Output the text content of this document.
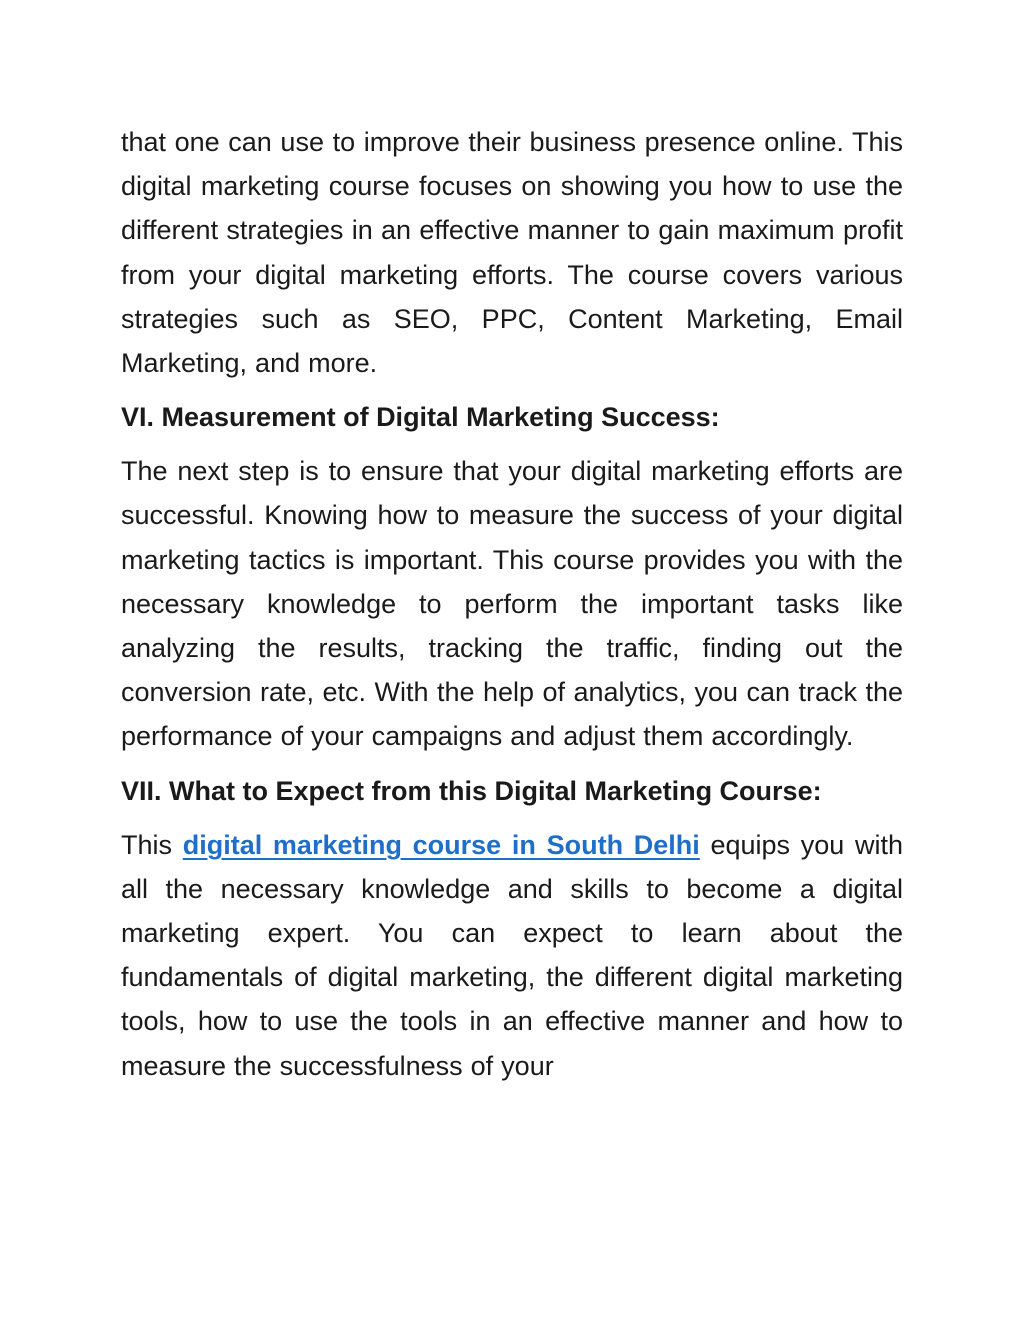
that one can use to improve their business presence online. This digital marketing course focuses on showing you how to use the different strategies in an effective manner to gain maximum profit from your digital marketing efforts. The course covers various strategies such as SEO, PPC, Content Marketing, Email Marketing, and more.

VI. Measurement of Digital Marketing Success:

The next step is to ensure that your digital marketing efforts are successful. Knowing how to measure the success of your digital marketing tactics is important. This course provides you with the necessary knowledge to perform the important tasks like analyzing the results, tracking the traffic, finding out the conversion rate, etc. With the help of analytics, you can track the performance of your campaigns and adjust them accordingly.

VII. What to Expect from this Digital Marketing Course:

This digital marketing course in South Delhi equips you with all the necessary knowledge and skills to become a digital marketing expert. You can expect to learn about the fundamentals of digital marketing, the different digital marketing tools, how to use the tools in an effective manner and how to measure the successfulness of your
